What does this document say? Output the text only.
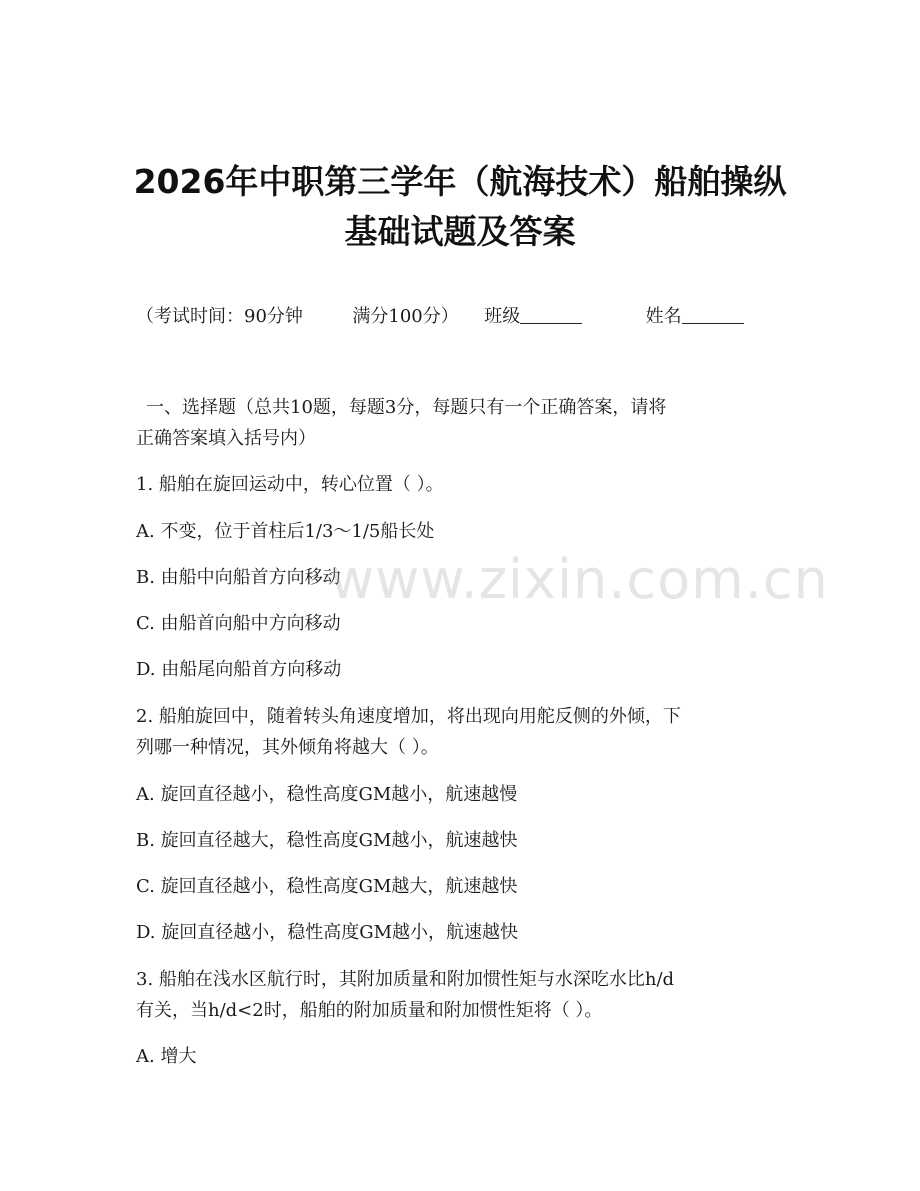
2026年中职第三学年（航海技术）船舶操纵
基础试题及答案
（考试时间：90分钟	满分100分） 班级	姓名
一、选择题（总共10题，每题3分，每题只有一个正确答案，请将
正确答案填入括号内）
1. 船舶在旋回运动中，转心位置（ ）。
A. 不变，位于首柱后1/3～1/5船长处
B. 由船中向船首方向移动
C. 由船首向船中方向移动
D. 由船尾向船首方向移动
2. 船舶旋回中，随着转头角速度增加，将出现向用舵反侧的外倾，下
列哪一种情况，其外倾角将越大（ ）。
A. 旋回直径越小，稳性高度GM越小，航速越慢
B. 旋回直径越大，稳性高度GM越小，航速越快
C. 旋回直径越小，稳性高度GM越大，航速越快
D. 旋回直径越小，稳性高度GM越小，航速越快
3. 船舶在浅水区航行时，其附加质量和附加惯性矩与水深吃水比h/d
有关，当h/d<2时，船舶的附加质量和附加惯性矩将（ ）。
A. 增大
www.zixin.com.cn
